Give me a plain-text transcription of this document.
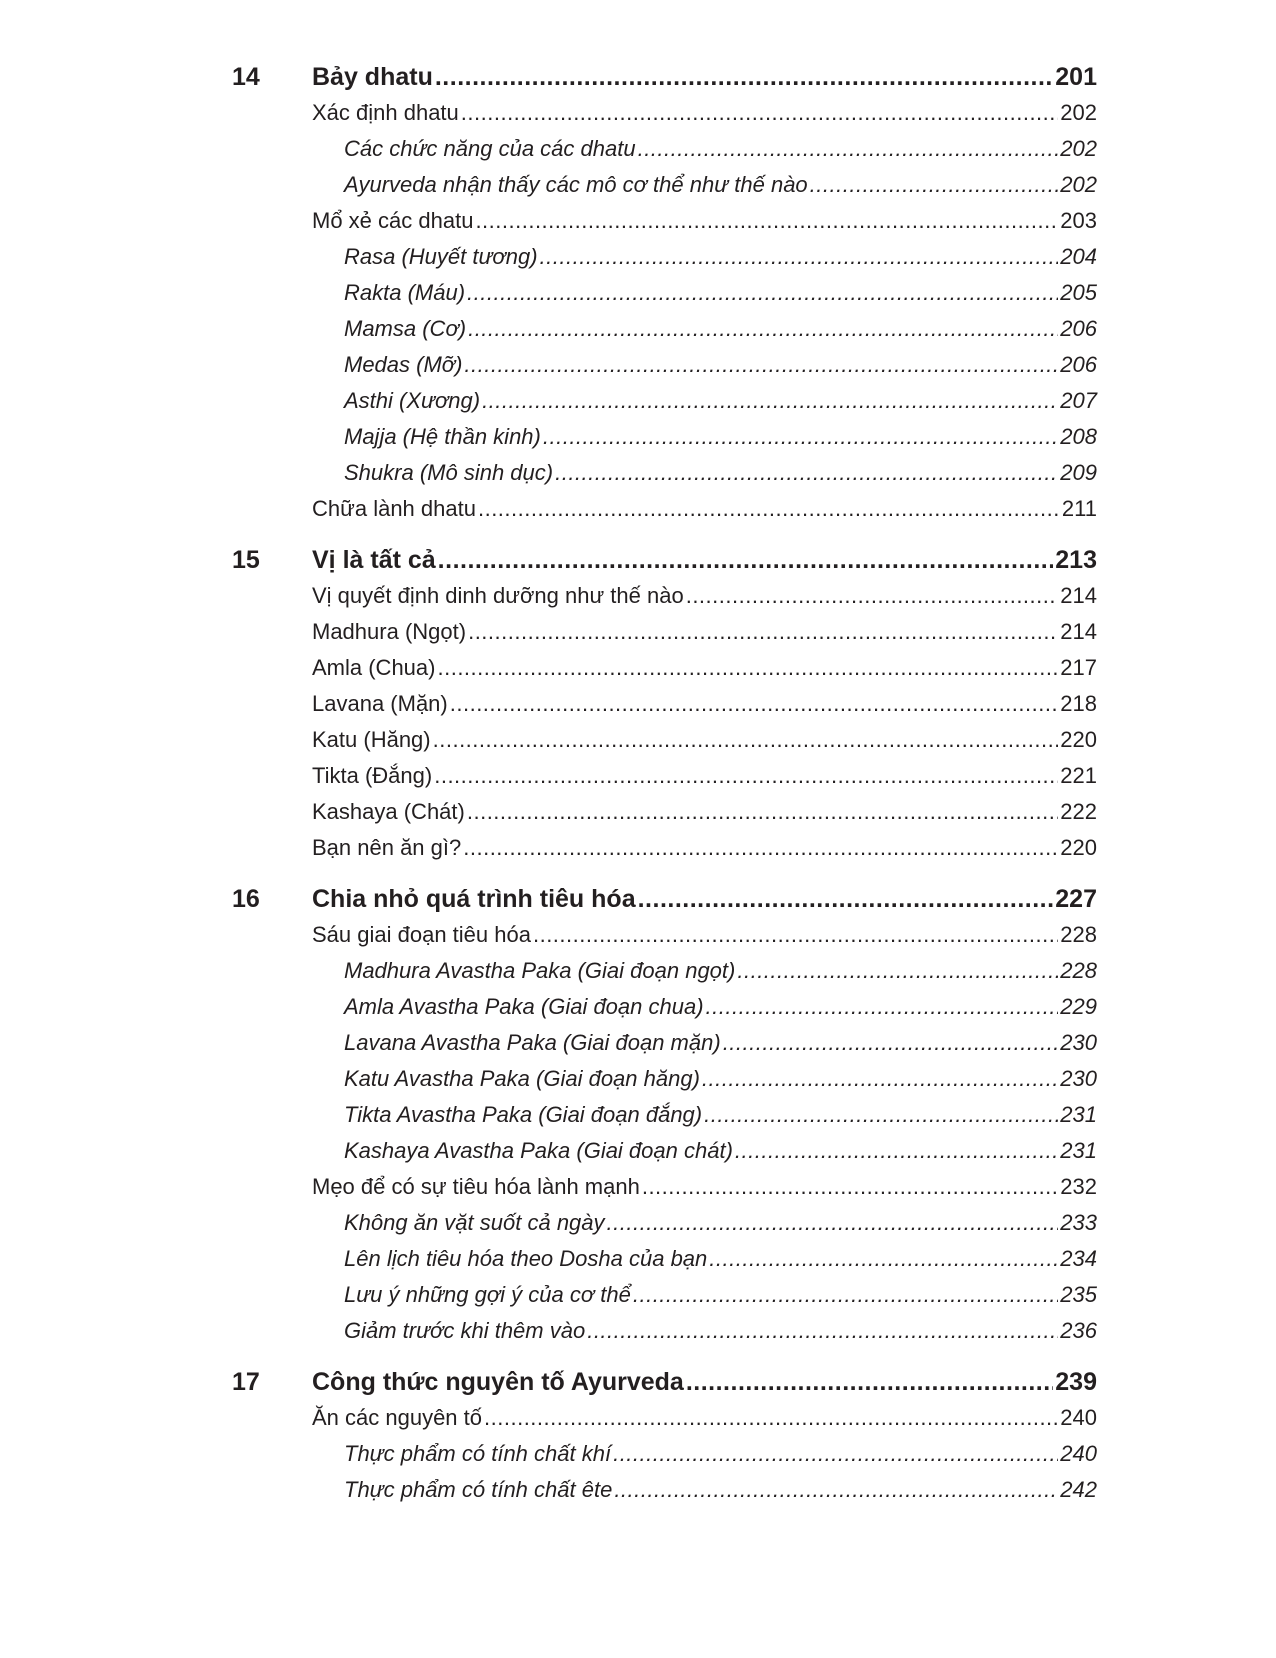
14 Bảy dhatu .....	201
Xác định dhatu .....	202
Các chức năng của các dhatu .....	202
Ayurveda nhận thấy các mô cơ thể như thế nào .....	202
Mổ xẻ các dhatu .....	203
Rasa (Huyết tương) .....	204
Rakta (Máu) .....	205
Mamsa (Cơ) .....	206
Medas (Mỡ) .....	206
Asthi (Xương) .....	207
Majja (Hệ thần kinh) .....	208
Shukra (Mô sinh dục) .....	209
Chữa lành dhatu .....	211
15 Vị là tất cả .....	213
Vị quyết định dinh dưỡng như thế nào .....	214
Madhura (Ngọt) .....	214
Amla (Chua) .....	217
Lavana (Mặn) .....	218
Katu (Hăng) .....	220
Tikta (Đắng) .....	221
Kashaya (Chát) .....	222
Bạn nên ăn gì? .....	220
16 Chia nhỏ quá trình tiêu hóa .....	227
Sáu giai đoạn tiêu hóa .....	228
Madhura Avastha Paka (Giai đoạn ngọt) .....	228
Amla Avastha Paka (Giai đoạn chua) .....	229
Lavana Avastha Paka (Giai đoạn mặn) .....	230
Katu Avastha Paka (Giai đoạn hăng) .....	230
Tikta Avastha Paka (Giai đoạn đắng) .....	231
Kashaya Avastha Paka (Giai đoạn chát) .....	231
Mẹo để có sự tiêu hóa lành mạnh .....	232
Không ăn vặt suốt cả ngày .....	233
Lên lịch tiêu hóa theo Dosha của bạn .....	234
Lưu ý những gợi ý của cơ thể .....	235
Giảm trước khi thêm vào .....	236
17 Công thức nguyên tố Ayurveda .....	239
Ăn các nguyên tố .....	240
Thực phẩm có tính chất khí .....	240
Thực phẩm có tính chất ête .....	242
